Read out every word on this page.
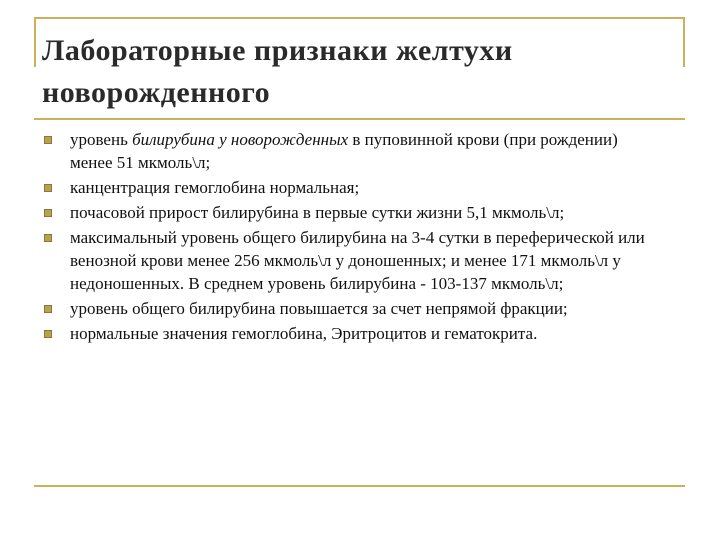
Лабораторные признаки желтухи новорожденного
уровень билирубина у новорожденных в пуповинной крови (при рождении) менее 51 мкмоль\л;
канцентрация гемоглобина нормальная;
почасовой прирост билирубина в первые сутки жизни 5,1 мкмоль\л;
максимальный уровень общего билирубина на 3-4 сутки в переферической или венозной крови менее 256 мкмоль\л у доношенных; и менее 171 мкмоль\л у недоношенных. В среднем уровень билирубина - 103-137 мкмоль\л;
уровень общего билирубина повышается за счет непрямой фракции;
нормальные значения гемоглобина, Эритроцитов и гематокрита.
